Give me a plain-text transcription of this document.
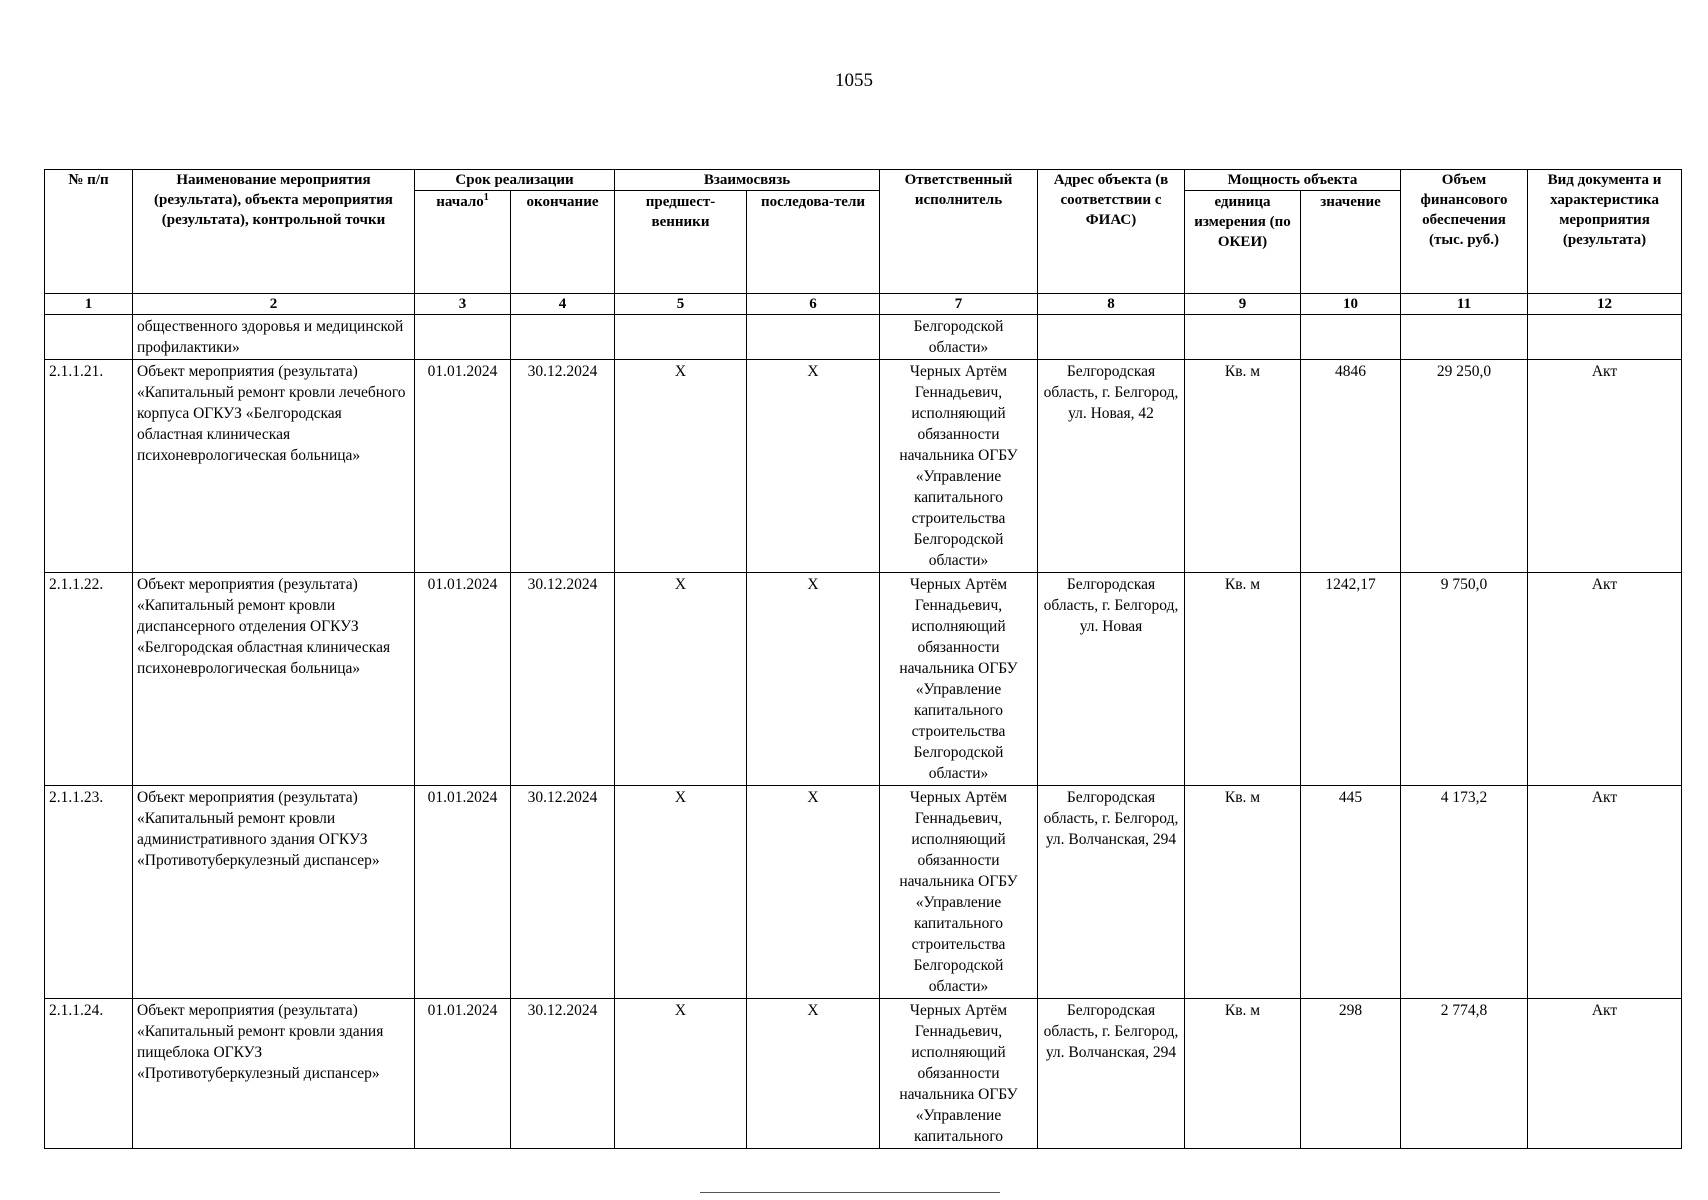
1055
№ п/п	Наименование мероприятия (результата), объекта мероприятия (результата), контрольной точки	Срок реализации		Взаимосвязь		Ответственный исполнитель	Адрес объекта (в соответствии с ФИАС)	Мощность объекта		Объем финансового обеспечения (тыс. руб.)	Вид документа и характеристика мероприятия (результата)
		начало$^1$	окончание	предшест-венники	последова-тели			единица измерения (по ОКЕИ)	значение		
1	2	3	4	5	6	7	8	9	10	11	12
	общественного здоровья и медицинской профилактики»					Белгородской области»					
2.1.1.21.	Объект мероприятия (результата) «Капитальный ремонт кровли лечебного корпуса ОГКУЗ «Белгородская областная клиническая психоневрологическая больница»	01.01.2024	30.12.2024	Х	Х	Черных Артём Геннадьевич, исполняющий обязанности начальника ОГБУ «Управление капитального строительства Белгородской области»	Белгородская область, г. Белгород, ул. Новая, 42	Кв. м	4846	29 250,0	Акт
2.1.1.22.	Объект мероприятия (результата) «Капитальный ремонт кровли диспансерного отделения ОГКУЗ «Белгородская областная клиническая психоневрологическая больница»	01.01.2024	30.12.2024	Х	Х	Черных Артём Геннадьевич, исполняющий обязанности начальника ОГБУ «Управление капитального строительства Белгородской области»	Белгородская область, г. Белгород, ул. Новая	Кв. м	1242,17	9 750,0	Акт
2.1.1.23.	Объект мероприятия (результата) «Капитальный ремонт кровли административного здания ОГКУЗ «Противотуберкулезный диспансер»	01.01.2024	30.12.2024	Х	Х	Черных Артём Геннадьевич, исполняющий обязанности начальника ОГБУ «Управление капитального строительства Белгородской области»	Белгородская область, г. Белгород, ул. Волчанская, 294	Кв. м	445	4 173,2	Акт
2.1.1.24.	Объект мероприятия (результата) «Капитальный ремонт кровли здания пищеблока ОГКУЗ «Противотуберкулезный диспансер»	01.01.2024	30.12.2024	Х	Х	Черных Артём Геннадьевич, исполняющий обязанности начальника ОГБУ «Управление капитального	Белгородская область, г. Белгород, ул. Волчанская, 294	Кв. м	298	2 774,8	Акт
